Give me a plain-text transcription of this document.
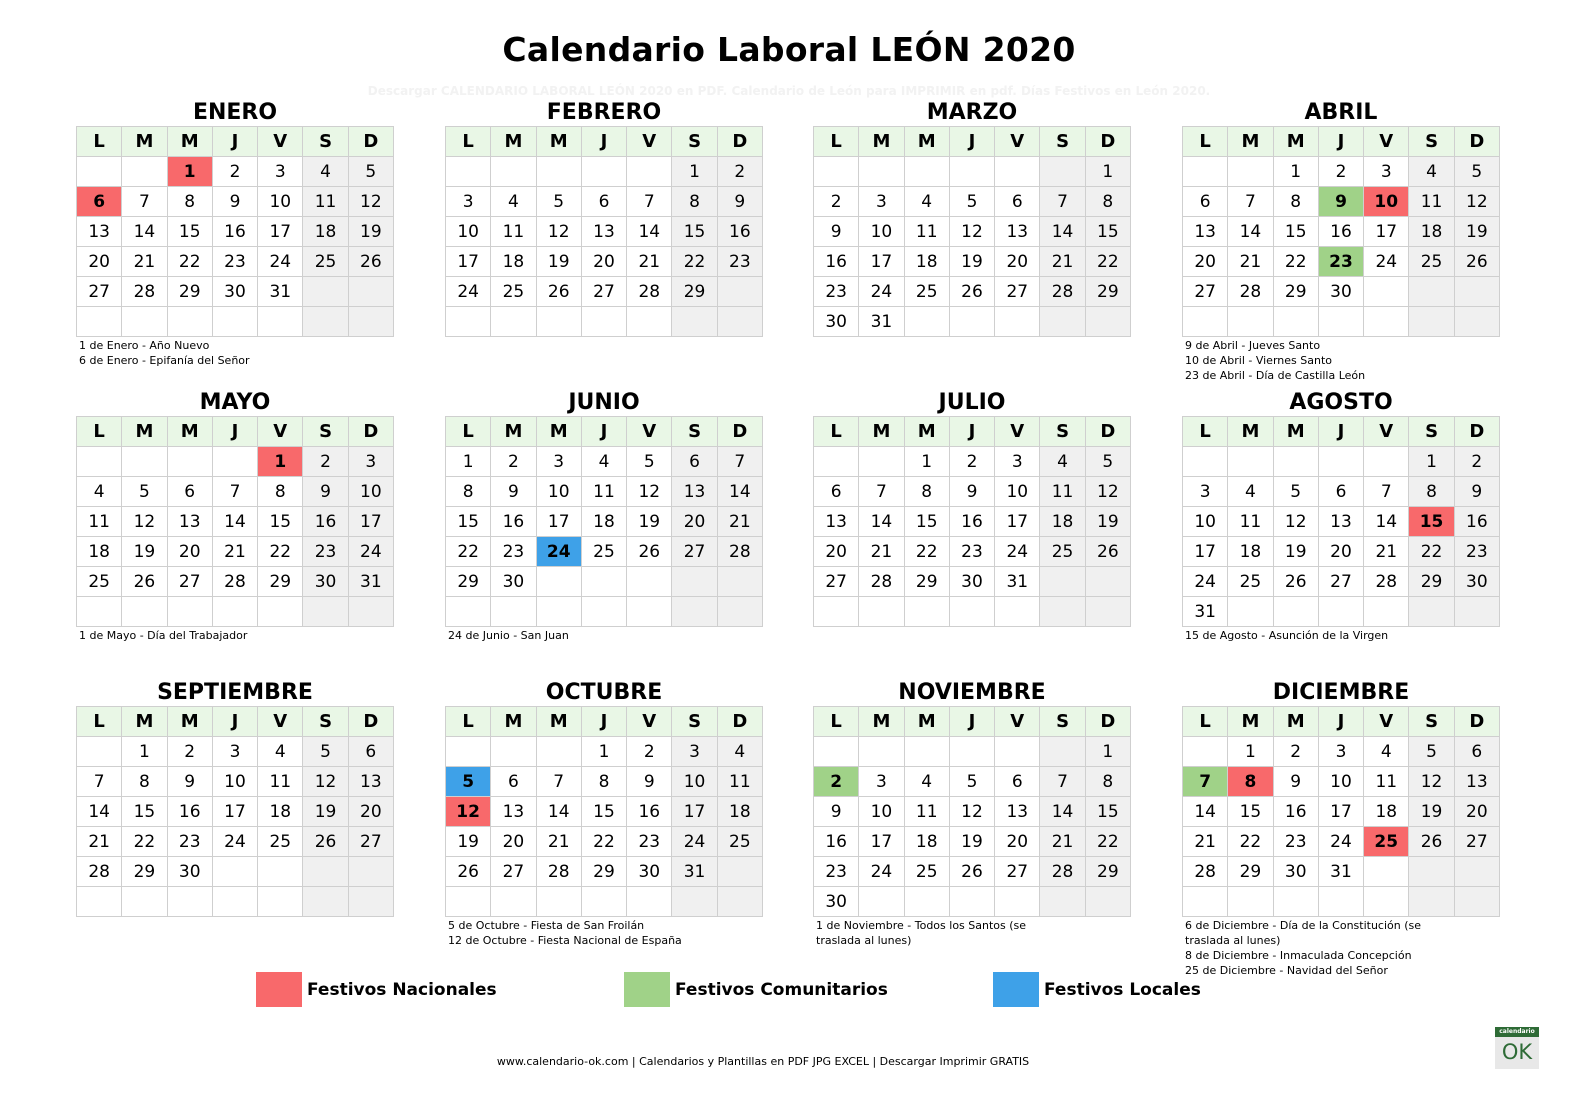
Calendario Laboral LEÓN 2020
Descargar CALENDARIO LABORAL LEÓN 2020 en PDF. Calendario de León para IMPRIMIR en pdf. Días Festivos en León 2020.
ENERO
L	M	M	J	V	S	D
		1	2	3	4	5
6	7	8	9	10	11	12
13	14	15	16	17	18	19
20	21	22	23	24	25	26
27	28	29	30	31		

1 de Enero - Año Nuevo
6 de Enero - Epifanía del Señor
FEBRERO
L	M	M	J	V	S	D
					1	2
3	4	5	6	7	8	9
10	11	12	13	14	15	16
17	18	19	20	21	22	23
24	25	26	27	28	29	

MARZO
L	M	M	J	V	S	D
						1
2	3	4	5	6	7	8
9	10	11	12	13	14	15
16	17	18	19	20	21	22
23	24	25	26	27	28	29
30	31					
ABRIL
L	M	M	J	V	S	D
		1	2	3	4	5
6	7	8	9	10	11	12
13	14	15	16	17	18	19
20	21	22	23	24	25	26
27	28	29	30			

9 de Abril - Jueves Santo
10 de Abril - Viernes Santo
23 de Abril - Día de Castilla León
MAYO
L	M	M	J	V	S	D
				1	2	3
4	5	6	7	8	9	10
11	12	13	14	15	16	17
18	19	20	21	22	23	24
25	26	27	28	29	30	31

1 de Mayo - Día del Trabajador
JUNIO
L	M	M	J	V	S	D
1	2	3	4	5	6	7
8	9	10	11	12	13	14
15	16	17	18	19	20	21
22	23	24	25	26	27	28
29	30					

24 de Junio - San Juan
JULIO
L	M	M	J	V	S	D
		1	2	3	4	5
6	7	8	9	10	11	12
13	14	15	16	17	18	19
20	21	22	23	24	25	26
27	28	29	30	31		

AGOSTO
L	M	M	J	V	S	D
					1	2
3	4	5	6	7	8	9
10	11	12	13	14	15	16
17	18	19	20	21	22	23
24	25	26	27	28	29	30
31						
15 de Agosto - Asunción de la Virgen
SEPTIEMBRE
L	M	M	J	V	S	D
	1	2	3	4	5	6
7	8	9	10	11	12	13
14	15	16	17	18	19	20
21	22	23	24	25	26	27
28	29	30				

OCTUBRE
L	M	M	J	V	S	D
			1	2	3	4
5	6	7	8	9	10	11
12	13	14	15	16	17	18
19	20	21	22	23	24	25
26	27	28	29	30	31	

5 de Octubre - Fiesta de San Froilán
12 de Octubre - Fiesta Nacional de España
NOVIEMBRE
L	M	M	J	V	S	D
						1
2	3	4	5	6	7	8
9	10	11	12	13	14	15
16	17	18	19	20	21	22
23	24	25	26	27	28	29
30						
1 de Noviembre - Todos los Santos (se
traslada al lunes)
DICIEMBRE
L	M	M	J	V	S	D
	1	2	3	4	5	6
7	8	9	10	11	12	13
14	15	16	17	18	19	20
21	22	23	24	25	26	27
28	29	30	31			

6 de Diciembre - Día de la Constitución (se
traslada al lunes)
8 de Diciembre - Inmaculada Concepción
25 de Diciembre - Navidad del Señor
Festivos Nacionales	Festivos Comunitarios	Festivos Locales
www.calendario-ok.com | Calendarios y Plantillas en PDF JPG EXCEL | Descargar Imprimir GRATIS
calendario
OK
